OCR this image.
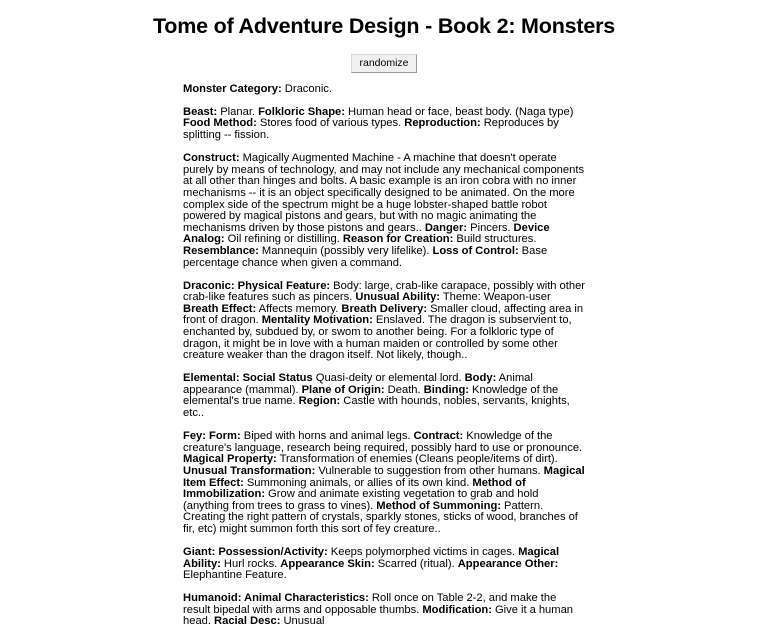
Tome of Adventure Design - Book 2: Monsters
randomize

Monster Category: Draconic.

Beast: Planar. Folkloric Shape: Human head or face, beast body. (Naga type) Food Method: Stores food of various types. Reproduction: Reproduces by splitting -- fission.

Construct: Magically Augmented Machine - A machine that doesn't operate purely by means of technology, and may not include any mechanical components at all other than hinges and bolts. A basic example is an iron cobra with no inner mechanisms -- it is an object specifically designed to be animated. On the more complex side of the spectrum might be a huge lobster-shaped battle robot powered by magical pistons and gears, but with no magic animating the mechanisms driven by those pistons and gears.. Danger: Pincers. Device Analog: Oil refining or distilling. Reason for Creation: Build structures. Resemblance: Mannequin (possibly very lifelike). Loss of Control: Base percentage chance when given a command.

Draconic: Physical Feature: Body: large, crab-like carapace, possibly with other crab-like features such as pincers. Unusual Ability: Theme: Weapon-user Breath Effect: Affects memory. Breath Delivery: Smaller cloud, affecting area in front of dragon. Mentality Motivation: Enslaved. The dragon is subservient to, enchanted by, subdued by, or swom to another being. For a folkloric type of dragon, it might be in love with a human maiden or controlled by some other creature weaker than the dragon itself. Not likely, though..

Elemental: Social Status Quasi-deity or elemental lord. Body: Animal appearance (mammal). Plane of Origin: Death. Binding: Knowledge of the elemental's true name. Region: Castle with hounds, nobles, servants, knights, etc..

Fey: Form: Biped with horns and animal legs. Contract: Knowledge of the creature's language, research being required, possibly hard to use or pronounce. Magical Property: Transformation of enemies (Cleans people/items of dirt). Unusual Transformation: Vulnerable to suggestion from other humans. Magical Item Effect: Summoning animals, or allies of its own kind. Method of Immobilization: Grow and animate existing vegetation to grab and hold (anything from trees to grass to vines). Method of Summoning: Pattern. Creating the right pattern of crystals, sparkly stones, sticks of wood, branches of fir, etc) might summon forth this sort of fey creature..

Giant: Possession/Activity: Keeps polymorphed victims in cages. Magical Ability: Hurl rocks. Appearance Skin: Scarred (ritual). Appearance Other: Elephantine Feature.

Humanoid: Animal Characteristics: Roll once on Table 2-2, and make the result bipedal with arms and opposable thumbs. Modification: Give it a human head. Racial Desc: Unusual
